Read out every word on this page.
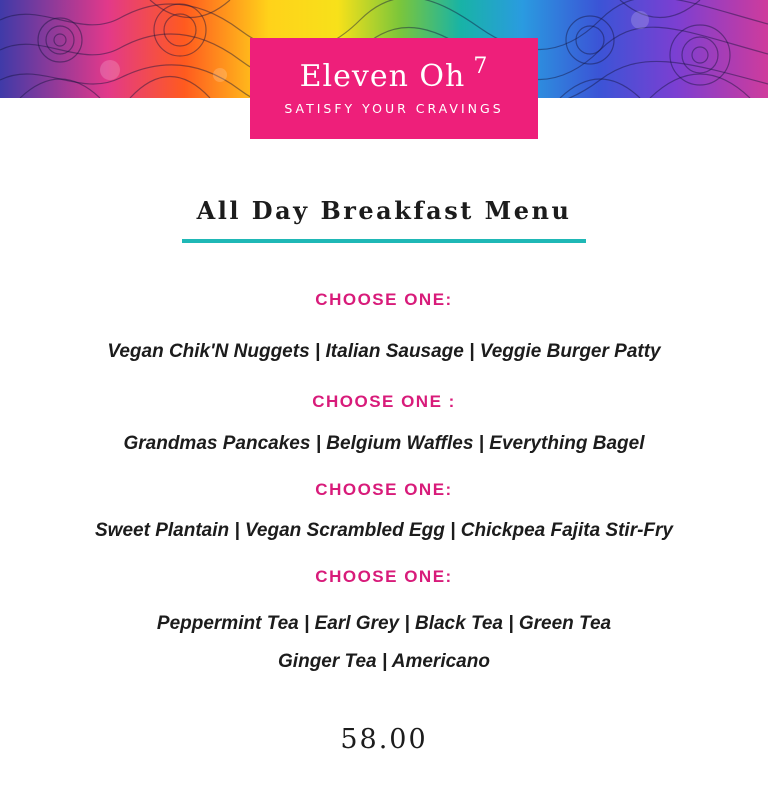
Eleven Oh $^7$
SATISFY YOUR CRAVINGS
All Day Breakfast Menu
CHOOSE ONE:
Vegan Chik'N Nuggets | Italian Sausage | Veggie Burger Patty
CHOOSE ONE :
Grandmas Pancakes | Belgium Waffles | Everything Bagel
CHOOSE ONE:
Sweet Plantain | Vegan Scrambled Egg | Chickpea Fajita Stir-Fry
CHOOSE ONE:
Peppermint Tea | Earl Grey | Black Tea | Green Tea
Ginger Tea | Americano
58.00
